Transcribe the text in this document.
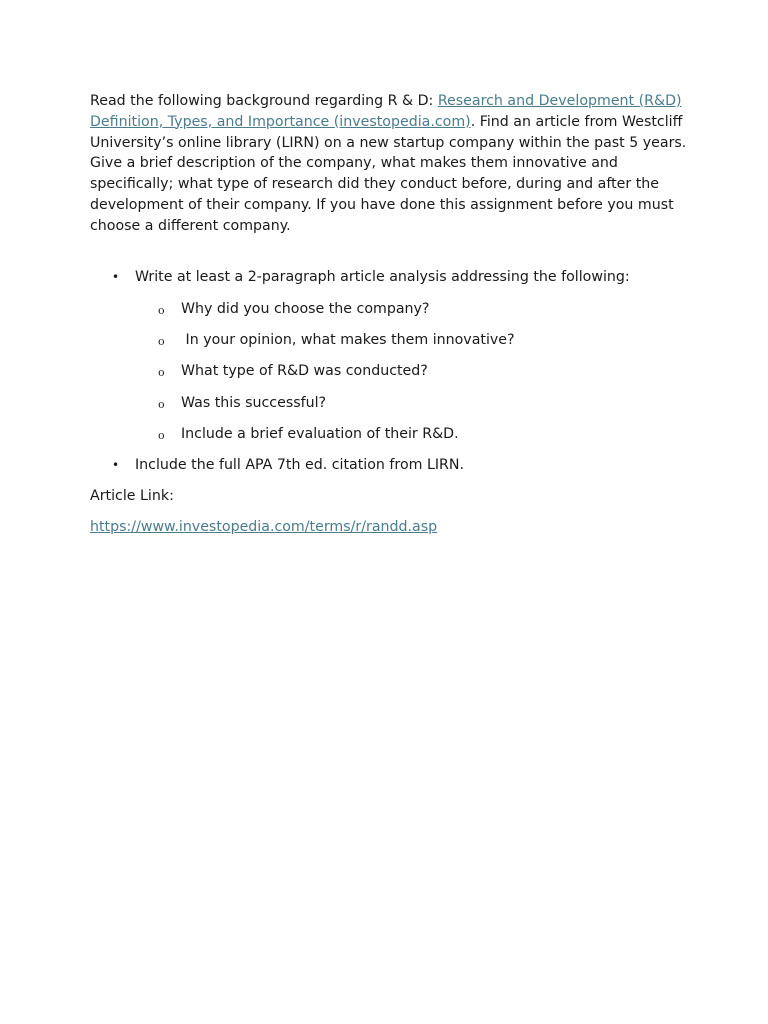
Read the following background regarding R & D: Research and Development (R&D) Definition, Types, and Importance (investopedia.com). Find an article from Westcliff University’s online library (LIRN) on a new startup company within the past 5 years. Give a brief description of the company, what makes them innovative and specifically; what type of research did they conduct before, during and after the development of their company. If you have done this assignment before you must choose a different company.

• Write at least a 2-paragraph article analysis addressing the following:
o Why did you choose the company?
o In your opinion, what makes them innovative?
o What type of R&D was conducted?
o Was this successful?
o Include a brief evaluation of their R&D.
• Include the full APA 7th ed. citation from LIRN.
Article Link:
https://www.investopedia.com/terms/r/randd.asp
